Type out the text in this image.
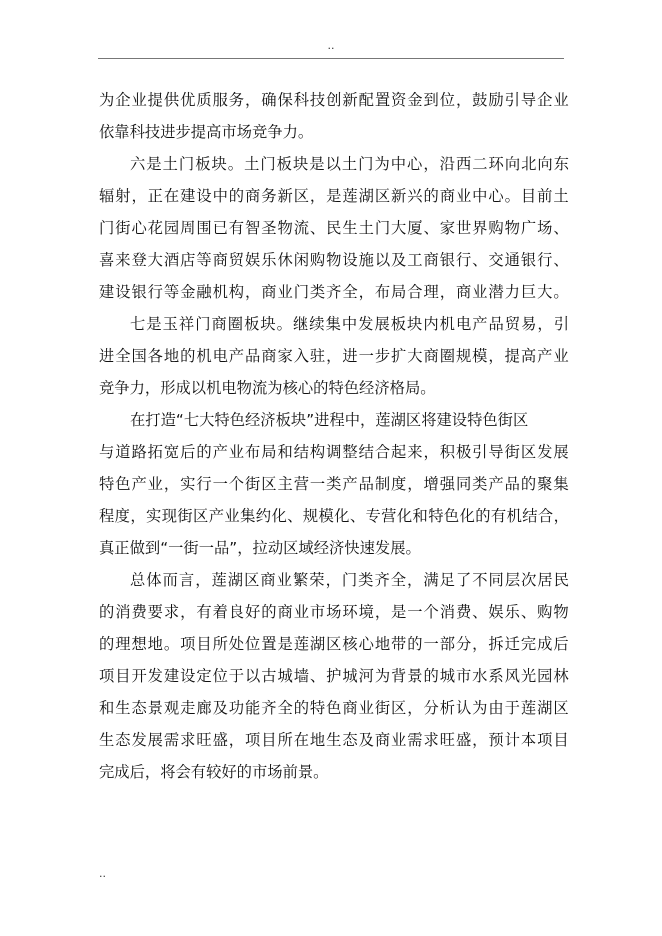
..
为企业提供优质服务，确保科技创新配置资金到位，鼓励引导企业
依靠科技进步提高市场竞争力。
六是土门板块。土门板块是以土门为中心，沿西二环向北向东
辐射，正在建设中的商务新区，是莲湖区新兴的商业中心。目前土
门街心花园周围已有智圣物流、民生土门大厦、家世界购物广场、
喜来登大酒店等商贸娱乐休闲购物设施以及工商银行、交通银行、
建设银行等金融机构，商业门类齐全，布局合理，商业潜力巨大。
七是玉祥门商圈板块。继续集中发展板块内机电产品贸易，引
进全国各地的机电产品商家入驻，进一步扩大商圈规模，提高产业
竞争力，形成以机电物流为核心的特色经济格局。
在打造“七大特色经济板块”进程中，莲湖区将建设特色街区
与道路拓宽后的产业布局和结构调整结合起来，积极引导街区发展
特色产业，实行一个街区主营一类产品制度，增强同类产品的聚集
程度，实现街区产业集约化、规模化、专营化和特色化的有机结合，
真正做到“一街一品”，拉动区域经济快速发展。
总体而言，莲湖区商业繁荣，门类齐全，满足了不同层次居民
的消费要求，有着良好的商业市场环境，是一个消费、娱乐、购物
的理想地。项目所处位置是莲湖区核心地带的一部分，拆迁完成后
项目开发建设定位于以古城墙、护城河为背景的城市水系风光园林
和生态景观走廊及功能齐全的特色商业街区，分析认为由于莲湖区
生态发展需求旺盛，项目所在地生态及商业需求旺盛，预计本项目
完成后，将会有较好的市场前景。
..
